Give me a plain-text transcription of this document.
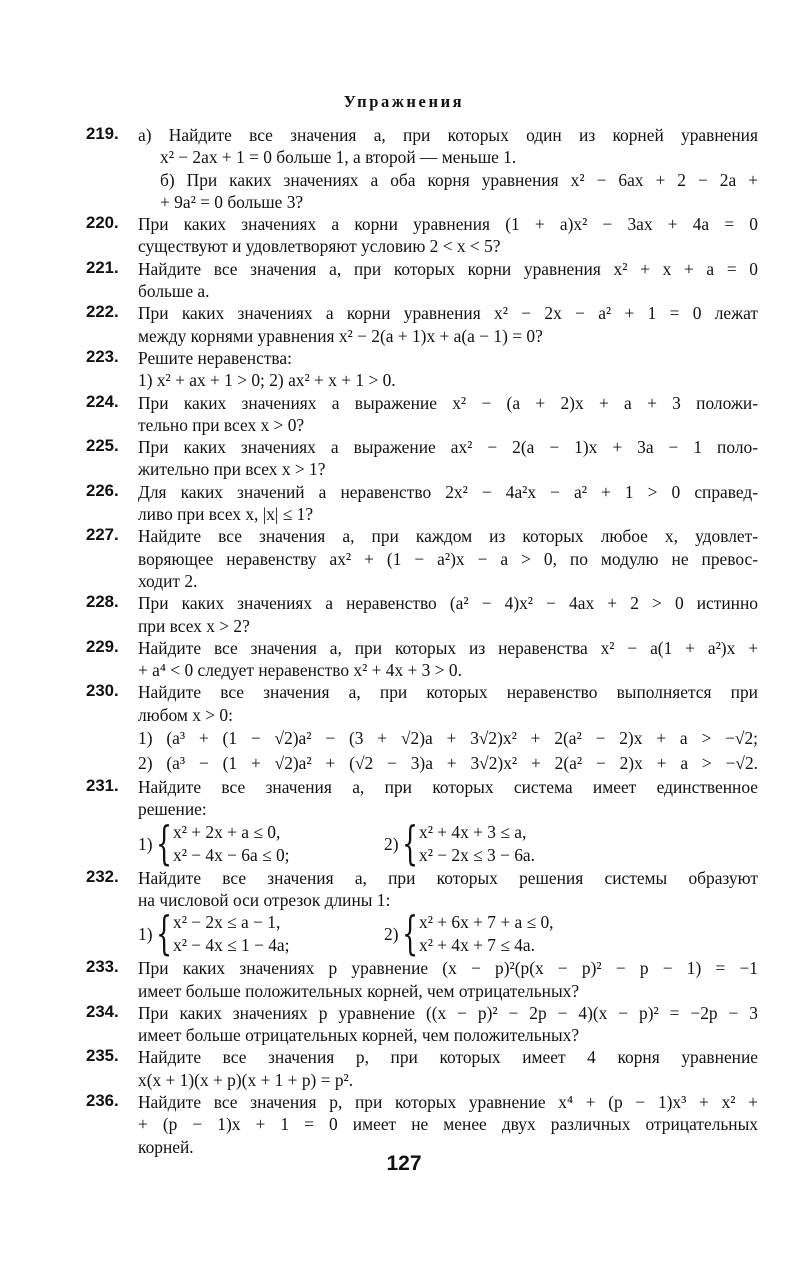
Упражнения
219. а) Найдите все значения a, при которых один из корней уравнения
x² − 2ax + 1 = 0 больше 1, а второй — меньше 1.
б) При каких значениях a оба корня уравнения x² − 6ax + 2 − 2a +
+ 9a² = 0 больше 3?
220. При каких значениях a корни уравнения (1 + a)x² − 3ax + 4a = 0
существуют и удовлетворяют условию 2 < x < 5?
221. Найдите все значения a, при которых корни уравнения x² + x + a = 0
больше a.
222. При каких значениях a корни уравнения x² − 2x − a² + 1 = 0 лежат
между корнями уравнения x² − 2(a + 1)x + a(a − 1) = 0?
223. Решите неравенства:
1) x² + ax + 1 > 0; 2) ax² + x + 1 > 0.
224. При каких значениях a выражение x² − (a + 2)x + a + 3 положи-
тельно при всех x > 0?
225. При каких значениях a выражение ax² − 2(a − 1)x + 3a − 1 поло-
жительно при всех x > 1?
226. Для каких значений a неравенство 2x² − 4a²x − a² + 1 > 0 справед-
ливо при всех x, |x| ≤ 1?
227. Найдите все значения a, при каждом из которых любое x, удовлет-
воряющее неравенству ax² + (1 − a²)x − a > 0, по модулю не превос-
ходит 2.
228. При каких значениях a неравенство (a² − 4)x² − 4ax + 2 > 0 истинно
при всех x > 2?
229. Найдите все значения a, при которых из неравенства x² − a(1 + a²)x +
+ a⁴ < 0 следует неравенство x² + 4x + 3 > 0.
230. Найдите все значения a, при которых неравенство выполняется при
любом x > 0:
1) (a³ + (1 − √2)a² − (3 + √2)a + 3√2)x² + 2(a² − 2)x + a > −√2;
2) (a³ − (1 + √2)a² + (√2 − 3)a + 3√2)x² + 2(a² − 2)x + a > −√2.
231. Найдите все значения a, при которых система имеет единственное
решение:
1) { x² + 2x + a ≤ 0,
x² − 4x − 6a ≤ 0;
2) { x² + 4x + 3 ≤ a,
x² − 2x ≤ 3 − 6a.
232. Найдите все значения a, при которых решения системы образуют
на числовой оси отрезок длины 1:
1) { x² − 2x ≤ a − 1,
x² − 4x ≤ 1 − 4a;
2) { x² + 6x + 7 + a ≤ 0,
x² + 4x + 7 ≤ 4a.
233. При каких значениях p уравнение (x − p)²(p(x − p)² − p − 1) = −1
имеет больше положительных корней, чем отрицательных?
234. При каких значениях p уравнение ((x − p)² − 2p − 4)(x − p)² = −2p − 3
имеет больше отрицательных корней, чем положительных?
235. Найдите все значения p, при которых имеет 4 корня уравнение
x(x + 1)(x + p)(x + 1 + p) = p².
236. Найдите все значения p, при которых уравнение x⁴ + (p − 1)x³ + x² +
+ (p − 1)x + 1 = 0 имеет не менее двух различных отрицательных
корней.
127
